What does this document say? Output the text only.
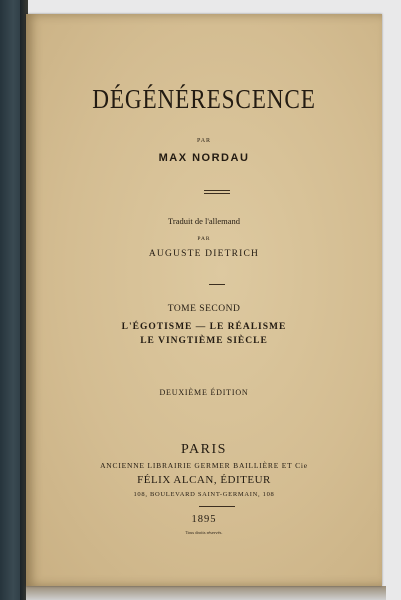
DÉGÉNÉRESCENCE
PAR
MAX NORDAU
Traduit de l'allemand
PAR
AUGUSTE DIETRICH
TOME SECOND
L'ÉGOTISME — LE RÉALISME
LE VINGTIÈME SIÈCLE
DEUXIÈME ÉDITION
PARIS
ANCIENNE LIBRAIRIE GERMER BAILLIÈRE ET Cie
FÉLIX ALCAN, ÉDITEUR
108, BOULEVARD SAINT-GERMAIN, 108
1895
Tous droits réservés.
